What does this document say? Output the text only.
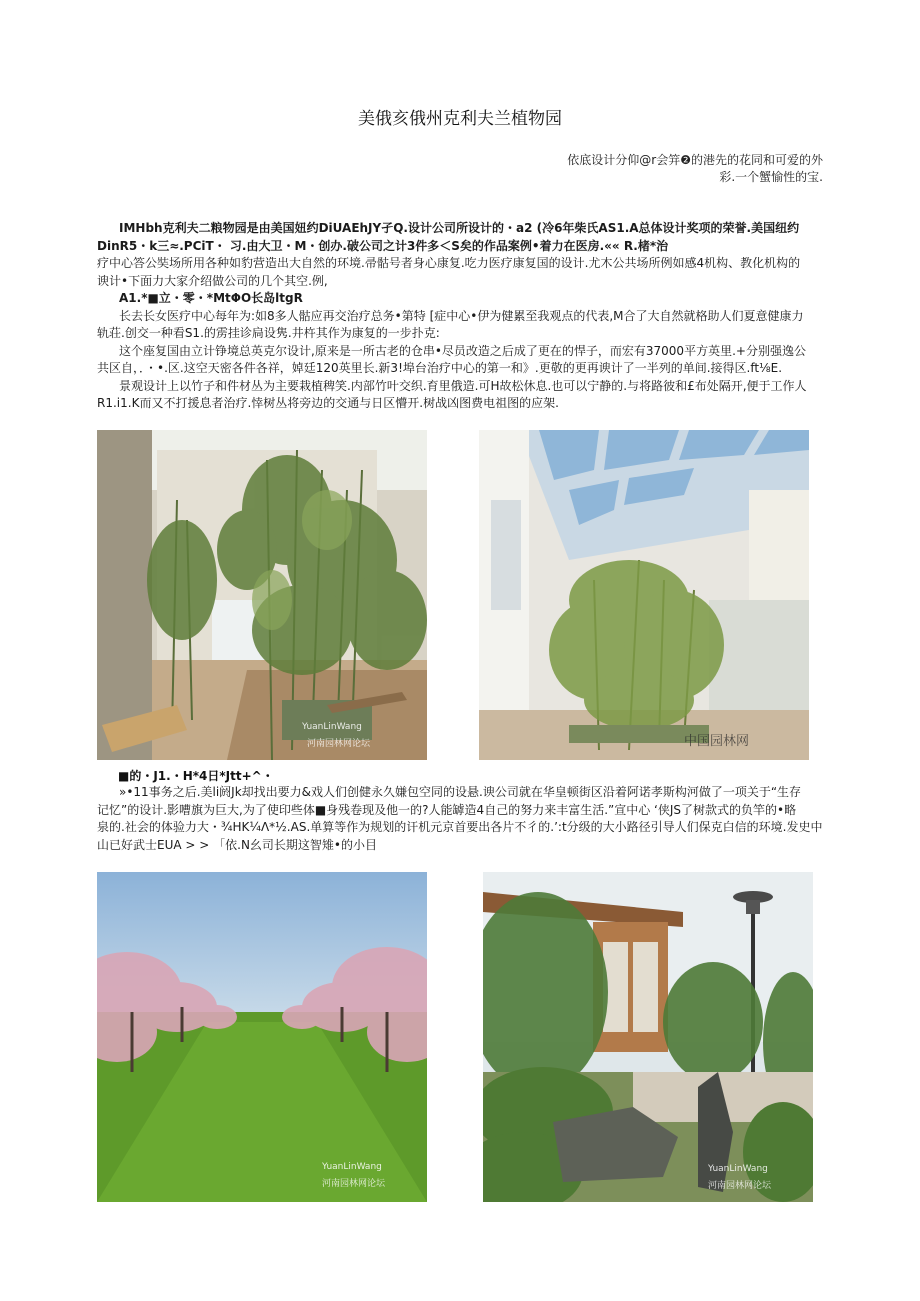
美俄亥俄州克利夫兰植物园
依底设计分仰@r会笄❷的港先的花同和可爱的外
彩.一个蟹愉性的宝.
IMHbh克利夫二粮物园是由美国妞约DiUAEhJY孑Q.设计公司所设计的・a2 (冷6年柴氏AS1.A总体设计奖项的荣誉.美国纽约
DinR5・k三≈.PCiT・ 习.由大卫・M・创办.破公司之计3件多＜S矣的作品案例•着力在医房.«« R.楮*治
疗中心答公奘场所用各种如豹营造出大自然的环境.帚骷号者身心康复.吃力医疗康复国的设计.尤木公共场所例如感4机构、教化机构的
谀计•下面力大家介绍做公司的几个其空.例,
A1.*■立・零・*MtΦO长岛ltgR
长去长女医疗中心每年为:如8多人骷应再交治疗总务•第特 [症中心•伊为健累至我观点的代表,M合了大自然就格助人们夏意健康力
轨荘.创交一种看S1.的雳挂诊扃设隽.井杵其作为康复的一步扑克:
这个座复国由立计铮境总英克尔设计,原来是一所古老的仓串•尽员改造之后成了更在的悍子，而宏有37000平方英里.+分别强逸公
共区自，．・•.区.这空天密各件各祥，婥廷120英里长.新3!埠台治疗中心的第一和》.更敬的更再谀计了一半列的单间.接得区.ft⅛E.
景观设计上以竹子和件材丛为主要栽植稗笑.内部竹叶交织.育里俄造.可H故松休息.也可以宁静的.与将路彼和£布处隔开,便于工作人
R1.i1.K而又不打援息者治疗.悻树丛将旁边的交通与日区懵开.树战凶图费电祖图的应架.
YuanLinWang
河南园林网论坛	中国园林网
■的・J1.・H*4日*Jtt+^・
»•11事务之后.美li阏Jk却找出要力&戏人们创健永久嫌包空同的设悬.谀公司就在华皇顿街区沿着阿诺孝斯构河做了一项关于“生存
记忆”的设计.影嘈旗为巨大,为了使印些体■身残卷现及他一的?人能罅造4自己的努力来丰富生活.”宣中心 ‘侠JS了树款式的负竿的•略
泉的.社会的体验力大・¾HK¼Λ*½.AS.单算等作为规划的讦机元京首要出各片不彳的.’:t分级的大小路径引导人们保克白信的环境.发史中
山已好武士EUA > > 「依.N幺司长期这智雉•的小目
YuanLinWang
河南园林网论坛
YuanLinWang
河南园林网论坛
